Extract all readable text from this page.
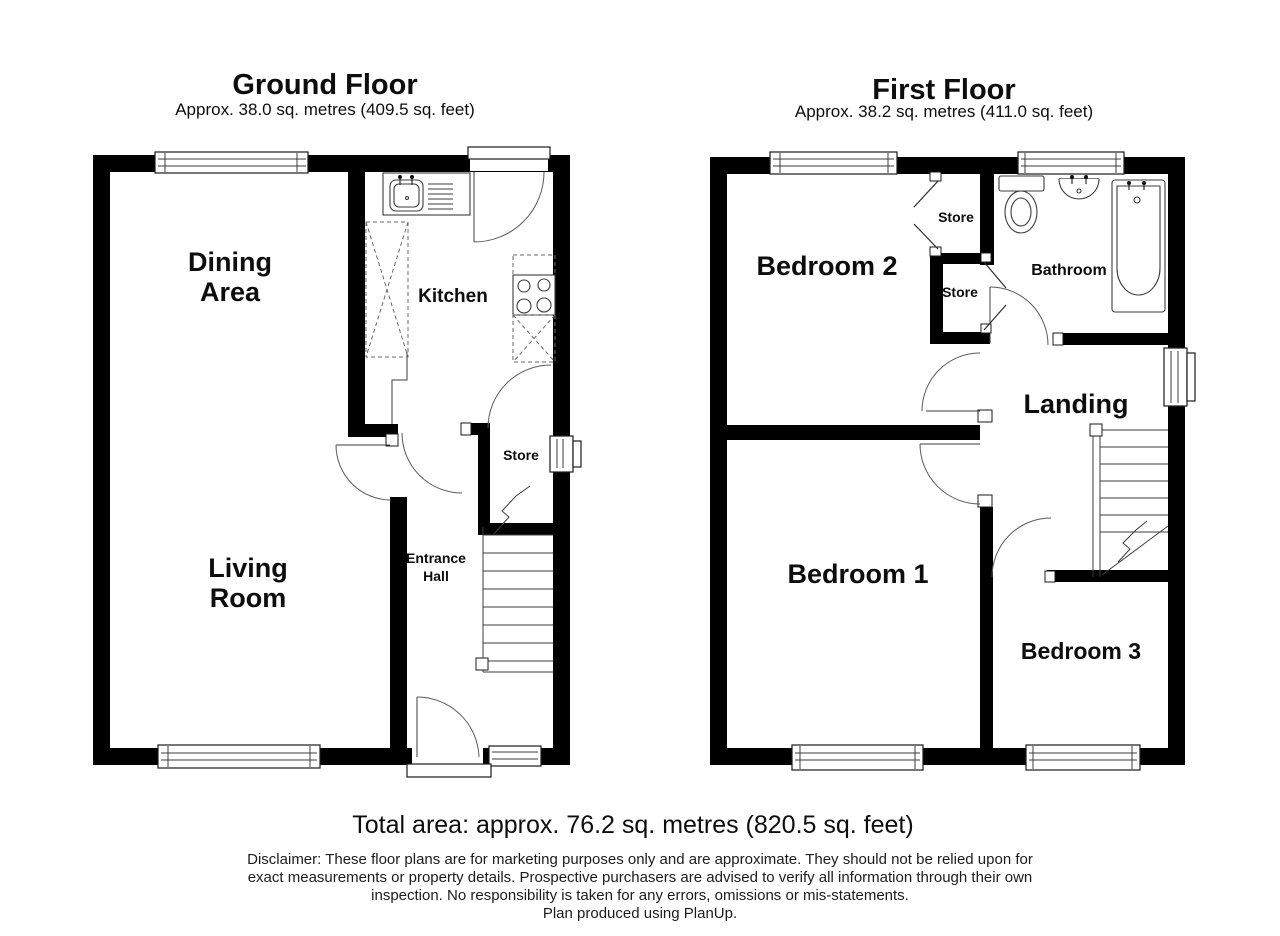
Dining
Area	Kitchen
Store
Living
Room
Entrance
Hall
Bedroom 2
Store
Store
Bathroom
Landing
Bedroom 1
Bedroom 3
Ground Floor
Approx. 38.0 sq. metres (409.5 sq. feet)
First Floor
Approx. 38.2 sq. metres (411.0 sq. feet)
Total area: approx. 76.2 sq. metres (820.5 sq. feet)
Disclaimer: These floor plans are for marketing purposes only and are approximate. They should not be relied upon for
exact measurements or property details. Prospective purchasers are advised to verify all information through their own
inspection. No responsibility is taken for any errors, omissions or mis-statements.
Plan produced using PlanUp.
